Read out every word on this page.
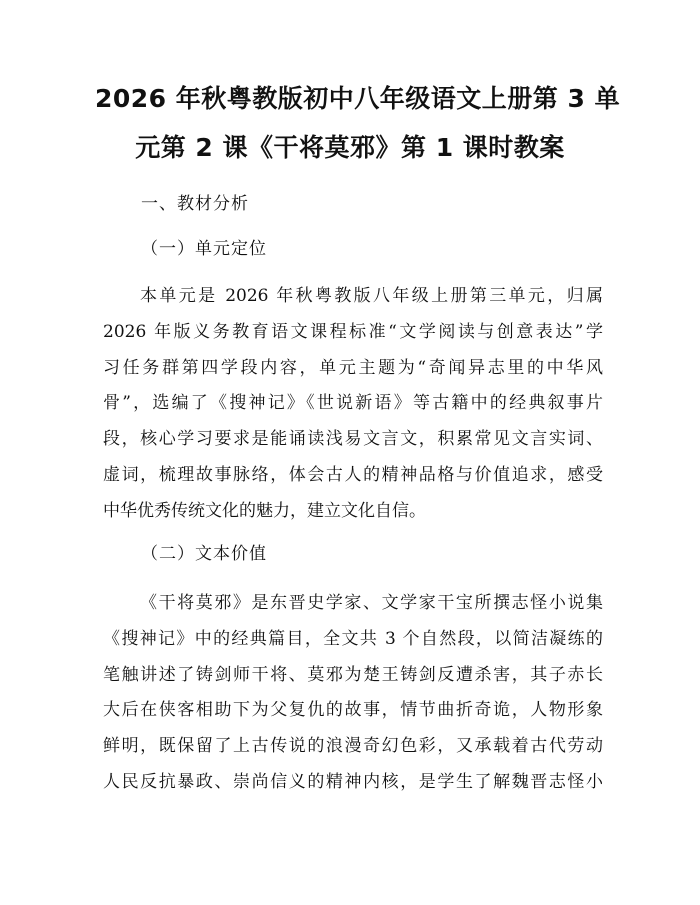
2026 年秋粤教版初中八年级语文上册第 3 单
元第 2 课《干将莫邪》第 1 课时教案

一、教材分析

（一）单元定位

本单元是 2026 年秋粤教版八年级上册第三单元，归属
2026 年版义务教育语文课程标准“文学阅读与创意表达”学
习任务群第四学段内容，单元主题为“奇闻异志里的中华风
骨”，选编了《搜神记》《世说新语》等古籍中的经典叙事片
段，核心学习要求是能诵读浅易文言文，积累常见文言实词、
虚词，梳理故事脉络，体会古人的精神品格与价值追求，感受
中华优秀传统文化的魅力，建立文化自信。

（二）文本价值

《干将莫邪》是东晋史学家、文学家干宝所撰志怪小说集
《搜神记》中的经典篇目，全文共 3 个自然段，以简洁凝练的
笔触讲述了铸剑师干将、莫邪为楚王铸剑反遭杀害，其子赤长
大后在侠客相助下为父复仇的故事，情节曲折奇诡，人物形象
鲜明，既保留了上古传说的浪漫奇幻色彩，又承载着古代劳动
人民反抗暴政、崇尚信义的精神内核，是学生了解魏晋志怪小
